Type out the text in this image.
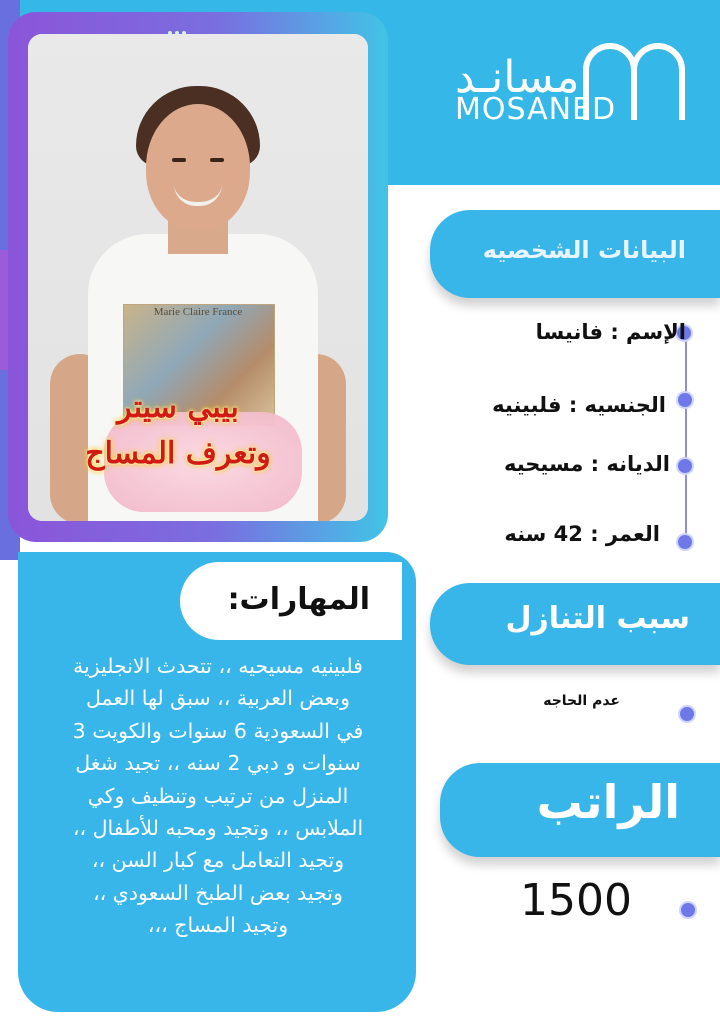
Marie Claire France
بيبي سيتر
وتعرف المساج
مسانـد
MOSANED
البيانات الشخصيه
الإسم : فانيسا
الجنسيه : فلبينيه
الديانه : مسيحيه
العمر : 42 سنه
سبب التنازل
عدم الحاجه
الراتب
1500
المهارات:
فلبينيه مسيحيه ،، تتحدث الانجليزية
وبعض العربية ،، سبق لها العمل
في السعودية 6 سنوات والكويت 3
سنوات و دبي 2 سنه ،، تجيد شغل
المنزل من ترتيب وتنظيف وكي
الملابس ،، وتجيد ومحبه للأطفال ،،
وتجيد التعامل مع كبار السن ،،
وتجيد بعض الطبخ السعودي ،،
وتجيد المساج ،،،
